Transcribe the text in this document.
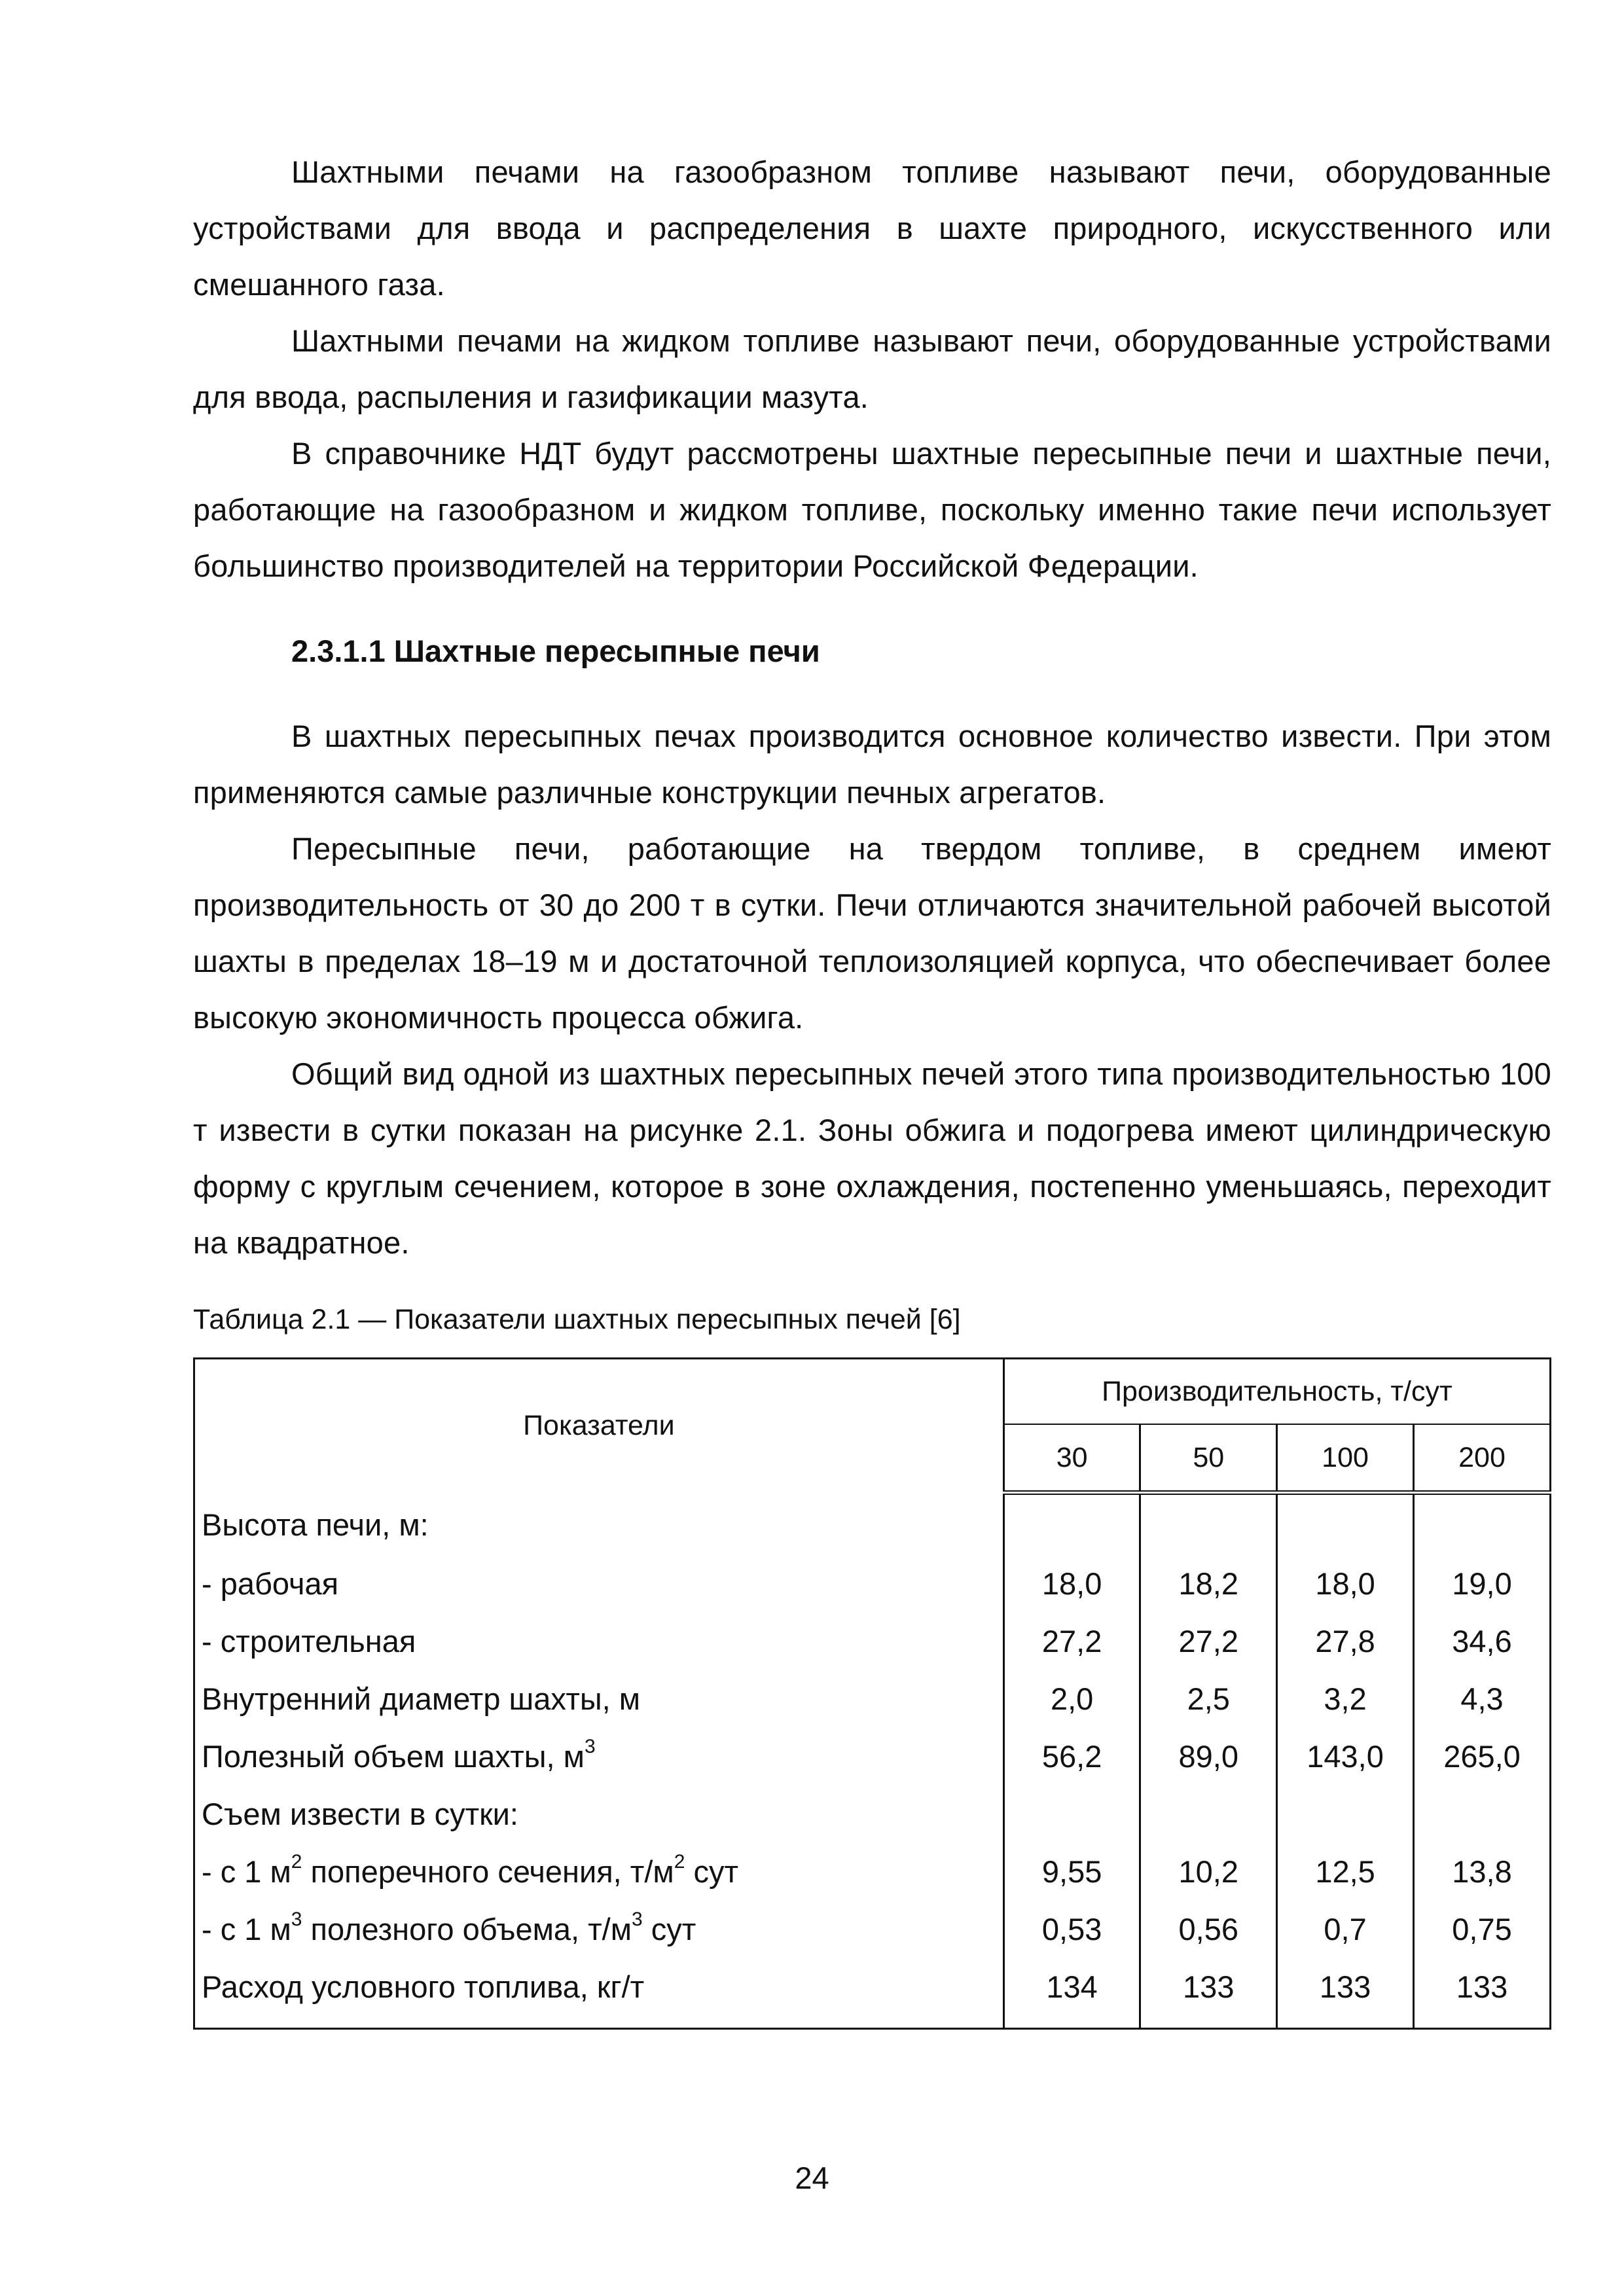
Шахтными печами на газообразном топливе называют печи, оборудованные устройствами для ввода и распределения в шахте природного, искусственного или смешанного газа.

Шахтными печами на жидком топливе называют печи, оборудованные устройствами для ввода, распыления и газификации мазута.

В справочнике НДТ будут рассмотрены шахтные пересыпные печи и шахтные печи, работающие на газообразном и жидком топливе, поскольку именно такие печи использует большинство производителей на территории Российской Федерации.

2.3.1.1 Шахтные пересыпные печи

В шахтных пересыпных печах производится основное количество извести. При этом применяются самые различные конструкции печных агрегатов.

Пересыпные печи, работающие на твердом топливе, в среднем имеют производительность от 30 до 200 т в сутки. Печи отличаются значительной рабочей высотой шахты в пределах 18–19 м и достаточной теплоизоляцией корпуса, что обеспечивает более высокую экономичность процесса обжига.

Общий вид одной из шахтных пересыпных печей этого типа производительностью 100 т извести в сутки показан на рисунке 2.1. Зоны обжига и подогрева имеют цилиндрическую форму с круглым сечением, которое в зоне охлаждения, постепенно уменьшаясь, переходит на квадратное.

Таблица 2.1 — Показатели шахтных пересыпных печей [6]
Показатели	Производительность, т/сут			
	30	50	100	200
Высота печи, м:				
- рабочая	18,0	18,2	18,0	19,0
- строительная	27,2	27,2	27,8	34,6
Внутренний диаметр шахты, м	2,0	2,5	3,2	4,3
Полезный объем шахты, $м^3$	56,2	89,0	143,0	265,0
Съем извести в сутки:				
- с 1 $м^2$ поперечного сечения, $т/м^2$ сут	9,55	10,2	12,5	13,8
- с 1 $м^3$ полезного объема, $т/м^3$ сут	0,53	0,56	0,7	0,75
Расход условного топлива, кг/т	134	133	133	133
24
